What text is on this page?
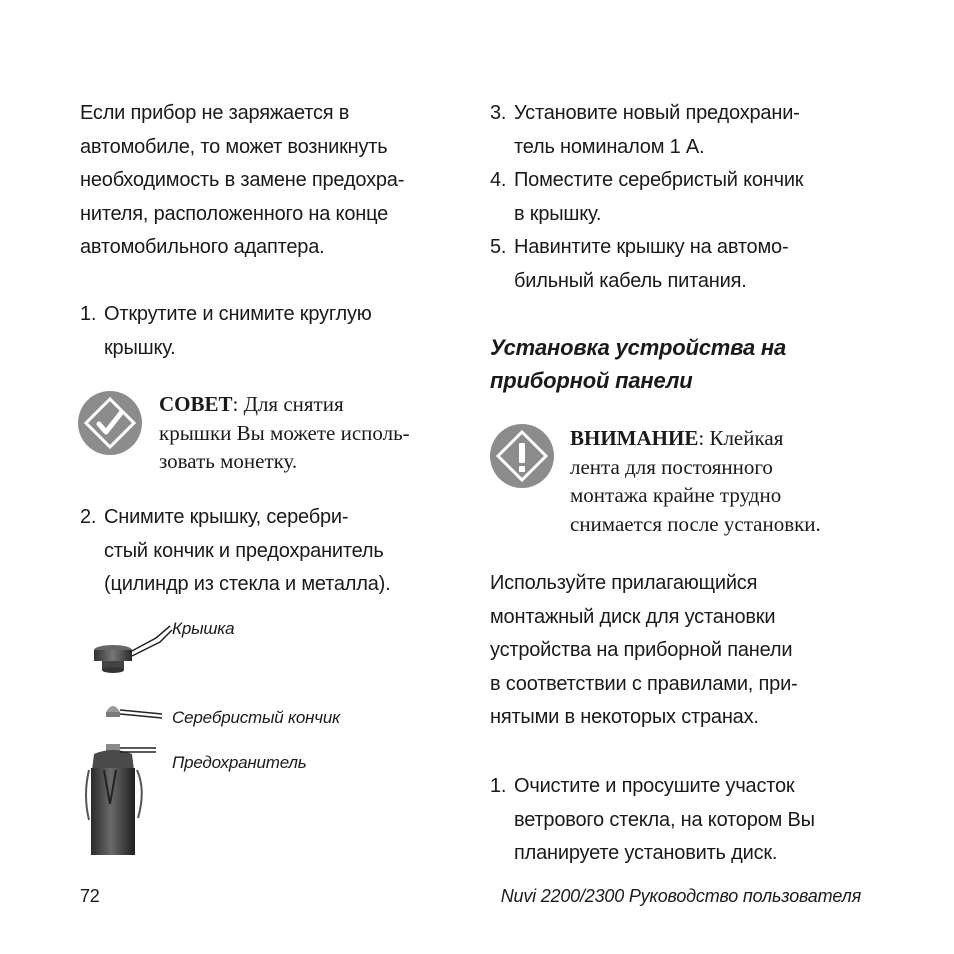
Если прибор не заряжается в
автомобиле, то может возникнуть
необходимость в замене предохра-
нителя, расположенного на конце
автомобильного адаптера.
1. Открутите и снимите круглую
крышку.
СОВЕТ: Для снятия
крышки Вы можете исполь-
зовать монетку.
2. Снимите крышку, серебри-
стый кончик и предохранитель
(цилиндр из стекла и металла).
Крышка
Серебристый кончик
Предохранитель
3. Установите новый предохрани-
тель номиналом 1 А.
4. Поместите серебристый кончик
в крышку.
5. Навинтите крышку на автомо-
бильный кабель питания.
Установка устройства на
приборной панели
ВНИМАНИЕ: Клейкая
лента для постоянного
монтажа крайне трудно
снимается после установки.
Используйте прилагающийся
монтажный диск для установки
устройства на приборной панели
в соответствии с правилами, при-
нятыми в некоторых странах.
1. Очистите и просушите участок
ветрового стекла, на котором Вы
планируете установить диск.
72	Nuvi 2200/2300 Руководство пользователя
